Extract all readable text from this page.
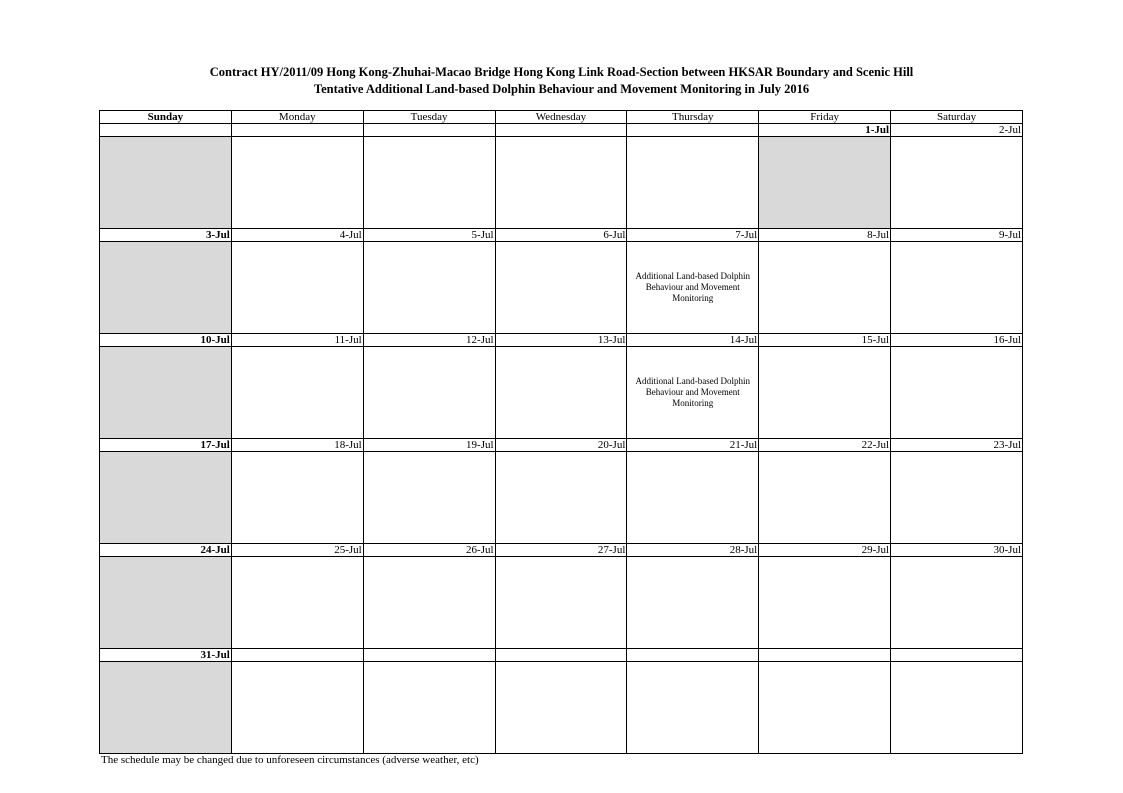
Contract HY/2011/09 Hong Kong-Zhuhai-Macao Bridge Hong Kong Link Road-Section between HKSAR Boundary and Scenic Hill
Tentative Additional Land-based Dolphin Behaviour and Movement Monitoring in July 2016
Sunday	Monday	Tuesday	Wednesday	Thursday	Friday	Saturday
					1-Jul	2-Jul

3-Jul	4-Jul	5-Jul	6-Jul	7-Jul	8-Jul	9-Jul
				Additional Land-based Dolphin Behaviour and Movement Monitoring		
10-Jul	11-Jul	12-Jul	13-Jul	14-Jul	15-Jul	16-Jul
				Additional Land-based Dolphin Behaviour and Movement Monitoring		
17-Jul	18-Jul	19-Jul	20-Jul	21-Jul	22-Jul	23-Jul

24-Jul	25-Jul	26-Jul	27-Jul	28-Jul	29-Jul	30-Jul

31-Jul						

The schedule may be changed due to unforeseen circumstances (adverse weather, etc)
